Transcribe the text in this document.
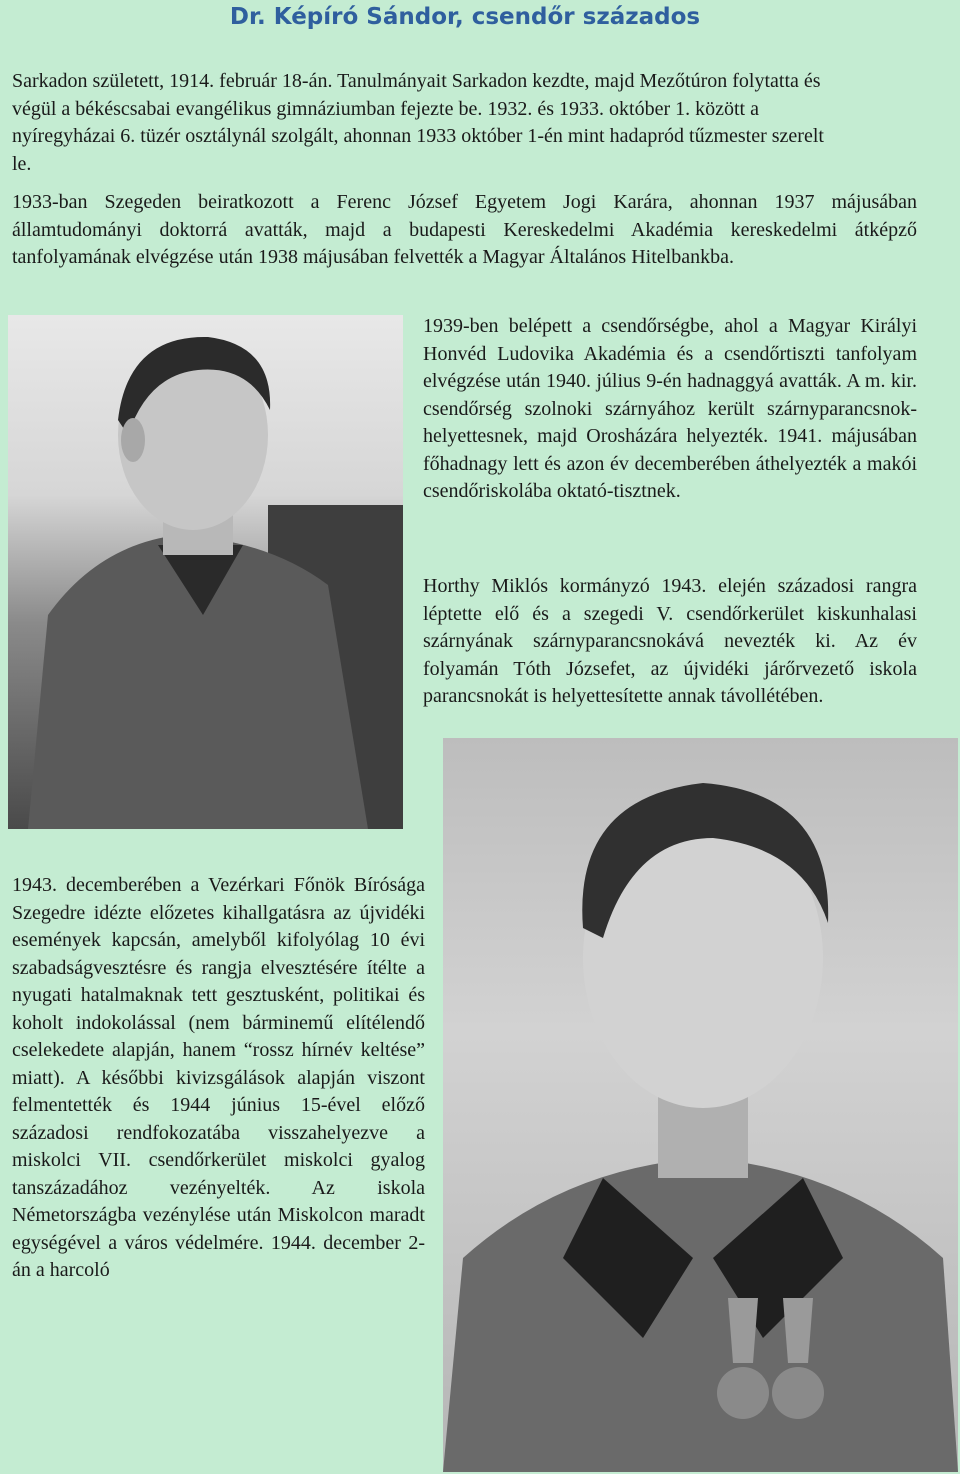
Dr. Képíró Sándor, csendőr százados

Sarkadon született, 1914. február 18-án. Tanulmányait Sarkadon kezdte, majd Mezőtúron folytatta és végül a békéscsabai evangélikus gimnáziumban fejezte be. 1932. és 1933. október 1. között a nyíregyházai 6. tüzér osztálynál szolgált, ahonnan 1933 október 1-én mint hadapród tűzmester szerelt le.

1933-ban Szegeden beiratkozott a Ferenc József Egyetem Jogi Karára, ahonnan 1937 májusában államtudományi doktorrá avatták, majd a budapesti Kereskedelmi Akadémia kereskedelmi átképző tanfolyamának elvégzése után 1938 májusában felvették a Magyar Általános Hitelbankba.

1939-ben belépett a csendőrségbe, ahol a Magyar Királyi Honvéd Ludovika Akadémia és a csendőrtiszti tanfolyam elvégzése után 1940. július 9-én hadnaggyá avatták. A m. kir. csendőrség szolnoki szárnyához került szárnyparancsnok-helyettesnek, majd Orosházára helyezték. 1941. májusában főhadnagy lett és azon év decemberében áthelyezték a makói csendőriskolába oktató-tisztnek.

Horthy Miklós kormányzó 1943. elején századosi rangra léptette elő és a szegedi V. csendőrkerület kiskunhalasi szárnyának szárnyparancsnokává nevezték ki. Az év folyamán Tóth Józsefet, az újvidéki járőrvezető iskola parancsnokát is helyettesítette annak távollétében.

1943. decemberében a Vezérkari Főnök Bírósága Szegedre idézte előzetes kihallgatásra az újvidéki események kapcsán, amelyből kifolyólag 10 évi szabadságvesztésre és rangja elvesztésére ítélte a nyugati hatalmaknak tett gesztusként, politikai és koholt indokolással (nem bárminemű elítélendő cselekedete alapján, hanem “rossz hírnév keltése” miatt). A későbbi kivizsgálások alapján viszont felmentették és 1944 június 15-ével előző századosi rendfokozatába visszahelyezve a miskolci VII. csendőrkerület miskolci gyalog tanszázadához vezényelték. Az iskola Németországba vezénylése után Miskolcon maradt egységével a város védelmére. 1944. december 2-án a harcoló
